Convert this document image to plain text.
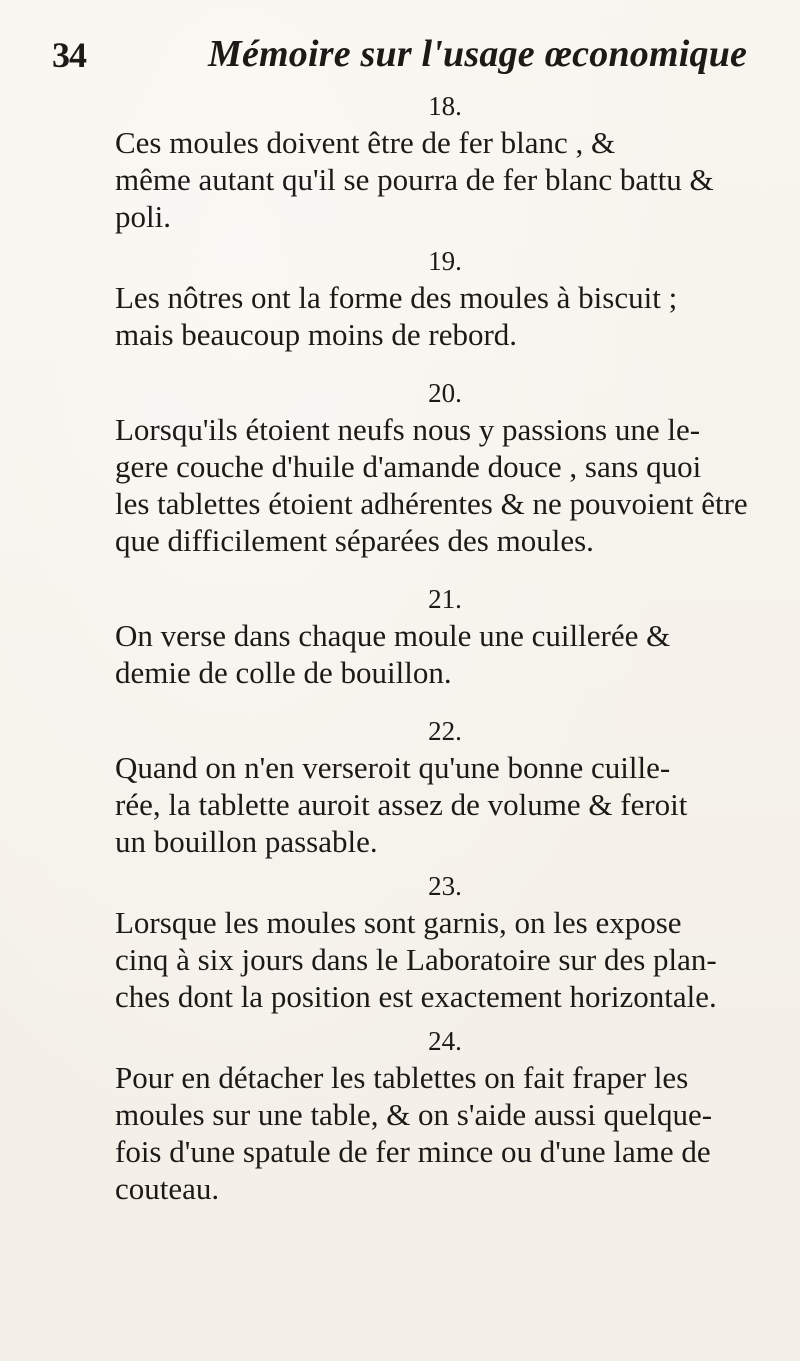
34	Mémoire sur l'usage œconomique
18.

Ces moules doivent être de fer blanc , &
même autant qu'il se pourra de fer blanc battu &
poli.

19.

Les nôtres ont la forme des moules à biscuit ;
mais beaucoup moins de rebord.

20.

Lorsqu'ils étoient neufs nous y passions une le-
gere couche d'huile d'amande douce , sans quoi
les tablettes étoient adhérentes & ne pouvoient être
que difficilement séparées des moules.

21.

On verse dans chaque moule une cuillerée &
demie de colle de bouillon.

22.

Quand on n'en verseroit qu'une bonne cuille-
rée, la tablette auroit assez de volume & feroit
un bouillon passable.

23.

Lorsque les moules sont garnis, on les expose
cinq à six jours dans le Laboratoire sur des plan-
ches dont la position est exactement horizontale.

24.

Pour en détacher les tablettes on fait fraper les
moules sur une table, & on s'aide aussi quelque-
fois d'une spatule de fer mince ou d'une lame de
couteau.
